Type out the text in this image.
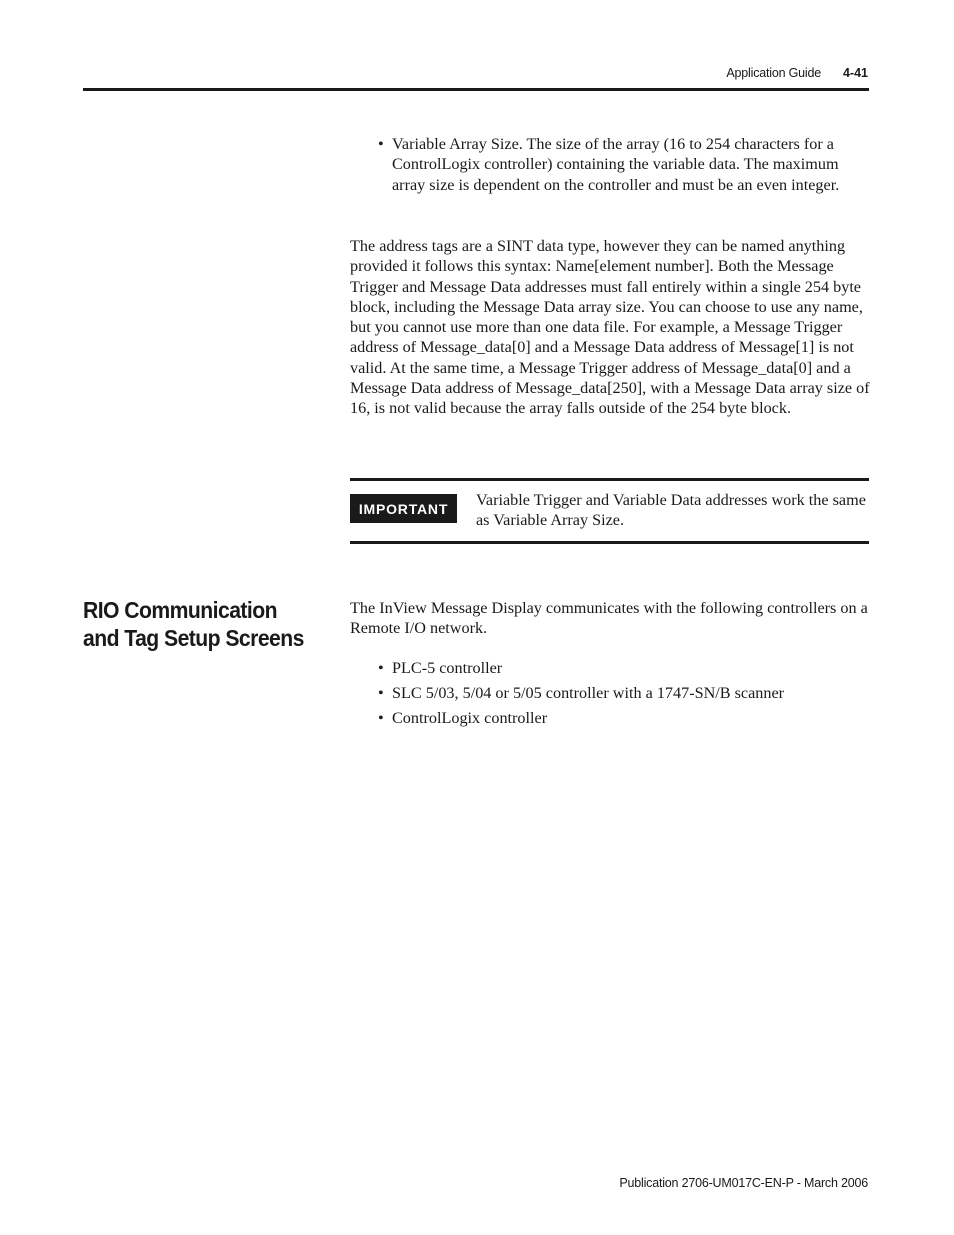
Application Guide 4-41
• Variable Array Size. The size of the array (16 to 254 characters for a ControlLogix controller) containing the variable data. The maximum array size is dependent on the controller and must be an even integer.

The address tags are a SINT data type, however they can be named anything provided it follows this syntax: Name[element number]. Both the Message Trigger and Message Data addresses must fall entirely within a single 254 byte block, including the Message Data array size. You can choose to use any name, but you cannot use more than one data file. For example, a Message Trigger address of Message_data[0] and a Message Data address of Message[1] is not valid. At the same time, a Message Trigger address of Message_data[0] and a Message Data address of Message_data[250], with a Message Data array size of 16, is not valid because the array falls outside of the 254 byte block.

IMPORTANT	Variable Trigger and Variable Data addresses work the same as Variable Array Size.
RIO Communication and Tag Setup Screens

The InView Message Display communicates with the following controllers on a Remote I/O network.

• PLC-5 controller
• SLC 5/03, 5/04 or 5/05 controller with a 1747-SN/B scanner
• ControlLogix controller
Publication 2706-UM017C-EN-P - March 2006
